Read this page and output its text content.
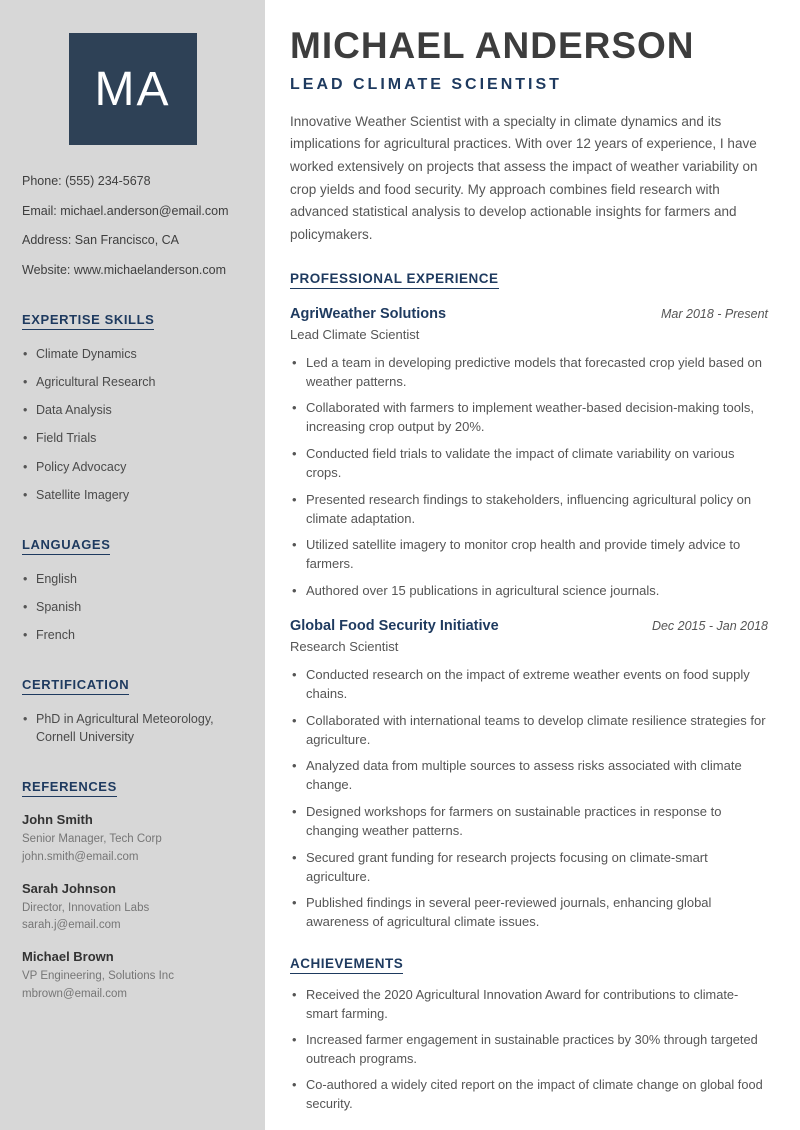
MA
Phone: (555) 234-5678
Email: michael.anderson@email.com
Address: San Francisco, CA
Website: www.michaelanderson.com
EXPERTISE SKILLS
• Climate Dynamics
• Agricultural Research
• Data Analysis
• Field Trials
• Policy Advocacy
• Satellite Imagery
LANGUAGES
• English
• Spanish
• French
CERTIFICATION
• PhD in Agricultural Meteorology, Cornell University
REFERENCES
John Smith
Senior Manager, Tech Corp
john.smith@email.com
Sarah Johnson
Director, Innovation Labs
sarah.j@email.com
Michael Brown
VP Engineering, Solutions Inc
mbrown@email.com
MICHAEL ANDERSON
LEAD CLIMATE SCIENTIST

Innovative Weather Scientist with a specialty in climate dynamics and its implications for agricultural practices. With over 12 years of experience, I have worked extensively on projects that assess the impact of weather variability on crop yields and food security. My approach combines field research with advanced statistical analysis to develop actionable insights for farmers and policymakers.

PROFESSIONAL EXPERIENCE
AgriWeather Solutions	Mar 2018 - Present
Lead Climate Scientist
• Led a team in developing predictive models that forecasted crop yield based on weather patterns.
• Collaborated with farmers to implement weather-based decision-making tools, increasing crop output by 20%.
• Conducted field trials to validate the impact of climate variability on various crops.
• Presented research findings to stakeholders, influencing agricultural policy on climate adaptation.
• Utilized satellite imagery to monitor crop health and provide timely advice to farmers.
• Authored over 15 publications in agricultural science journals.
Global Food Security Initiative	Dec 2015 - Jan 2018
Research Scientist
• Conducted research on the impact of extreme weather events on food supply chains.
• Collaborated with international teams to develop climate resilience strategies for agriculture.
• Analyzed data from multiple sources to assess risks associated with climate change.
• Designed workshops for farmers on sustainable practices in response to changing weather patterns.
• Secured grant funding for research projects focusing on climate-smart agriculture.
• Published findings in several peer-reviewed journals, enhancing global awareness of agricultural climate issues.
ACHIEVEMENTS
• Received the 2020 Agricultural Innovation Award for contributions to climate-smart farming.
• Increased farmer engagement in sustainable practices by 30% through targeted outreach programs.
• Co-authored a widely cited report on the impact of climate change on global food security.
